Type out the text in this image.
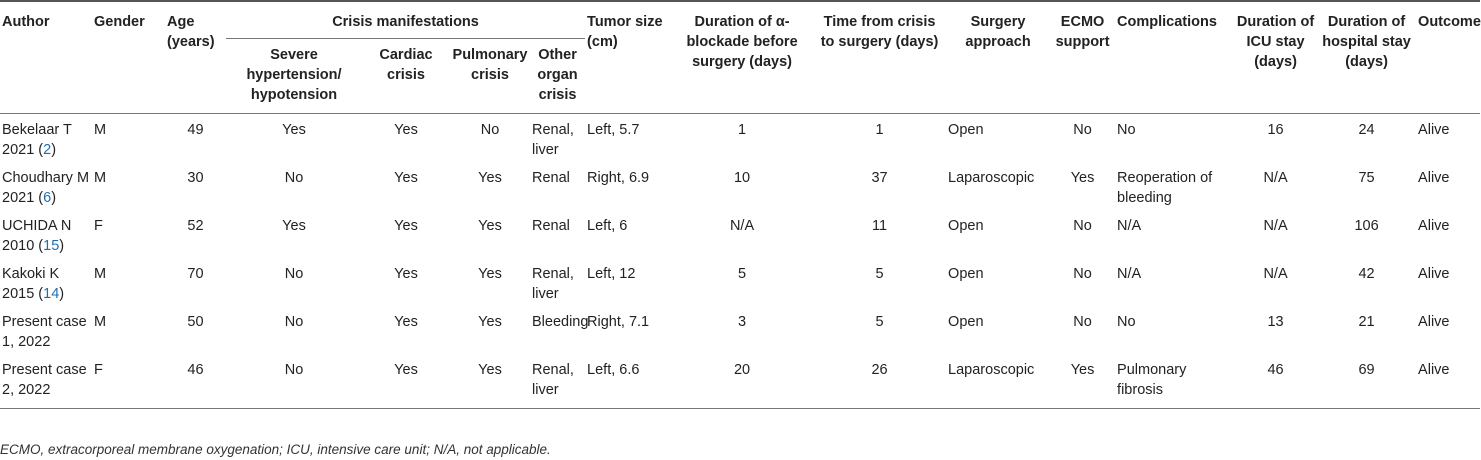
Author	Gender	Age (years)	Crisis manifestations				Tumor size (cm)	Duration of α-blockade before surgery (days)	Time from crisis to surgery (days)	Surgery approach	ECMO support	Complications	Duration of ICU stay (days)	Duration of hospital stay (days)	Outcome
			Severe hypertension/ hypotension	Cardiac crisis	Pulmonary crisis	Other organ crisis									
Bekelaar T 2021 (2)	M	49	Yes	Yes	No	Renal, liver	Left, 5.7	1	1	Open	No	No	16	24	Alive
Choudhary M 2021 (6)	M	30	No	Yes	Yes	Renal	Right, 6.9	10	37	Laparoscopic	Yes	Reoperation of bleeding	N/A	75	Alive
UCHIDA N 2010 (15)	F	52	Yes	Yes	Yes	Renal	Left, 6	N/A	11	Open	No	N/A	N/A	106	Alive
Kakoki K 2015 (14)	M	70	No	Yes	Yes	Renal, liver	Left, 12	5	5	Open	No	N/A	N/A	42	Alive
Present case 1, 2022	M	50	No	Yes	Yes	Bleeding	Right, 7.1	3	5	Open	No	No	13	21	Alive
Present case 2, 2022	F	46	No	Yes	Yes	Renal, liver	Left, 6.6	20	26	Laparoscopic	Yes	Pulmonary fibrosis	46	69	Alive
ECMO, extracorporeal membrane oxygenation; ICU, intensive care unit; N/A, not applicable.
